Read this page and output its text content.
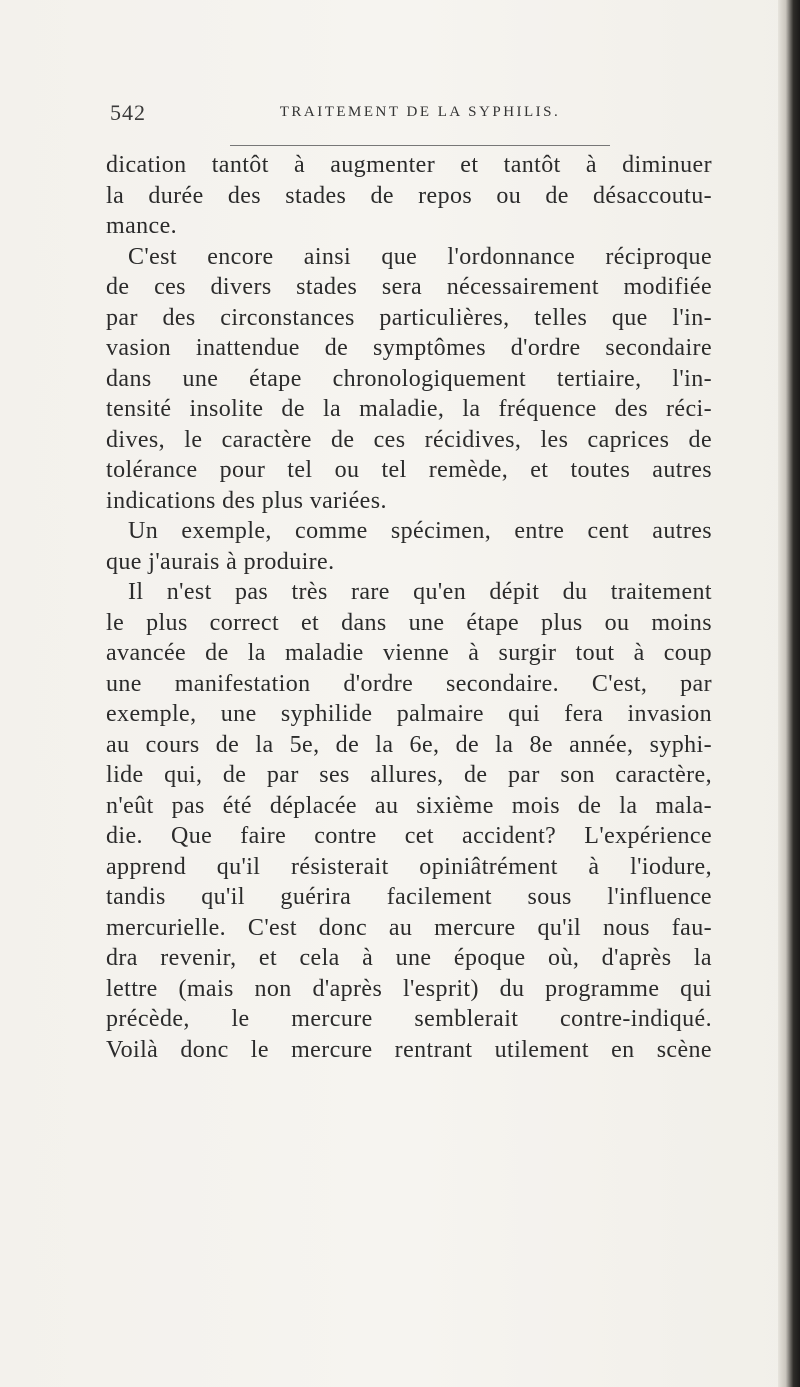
542	TRAITEMENT DE LA SYPHILIS.
dication tantôt à augmenter et tantôt à diminuer
la durée des stades de repos ou de désaccoutu-
mance.
C'est encore ainsi que l'ordonnance réciproque
de ces divers stades sera nécessairement modifiée
par des circonstances particulières, telles que l'in-
vasion inattendue de symptômes d'ordre secondaire
dans une étape chronologiquement tertiaire, l'in-
tensité insolite de la maladie, la fréquence des réci-
dives, le caractère de ces récidives, les caprices de
tolérance pour tel ou tel remède, et toutes autres
indications des plus variées.
Un exemple, comme spécimen, entre cent autres
que j'aurais à produire.
Il n'est pas très rare qu'en dépit du traitement
le plus correct et dans une étape plus ou moins
avancée de la maladie vienne à surgir tout à coup
une manifestation d'ordre secondaire. C'est, par
exemple, une syphilide palmaire qui fera invasion
au cours de la 5e, de la 6e, de la 8e année, syphi-
lide qui, de par ses allures, de par son caractère,
n'eût pas été déplacée au sixième mois de la mala-
die. Que faire contre cet accident? L'expérience
apprend qu'il résisterait opiniâtrément à l'iodure,
tandis qu'il guérira facilement sous l'influence
mercurielle. C'est donc au mercure qu'il nous fau-
dra revenir, et cela à une époque où, d'après la
lettre (mais non d'après l'esprit) du programme qui
précède, le mercure semblerait contre-indiqué.
Voilà donc le mercure rentrant utilement en scène
